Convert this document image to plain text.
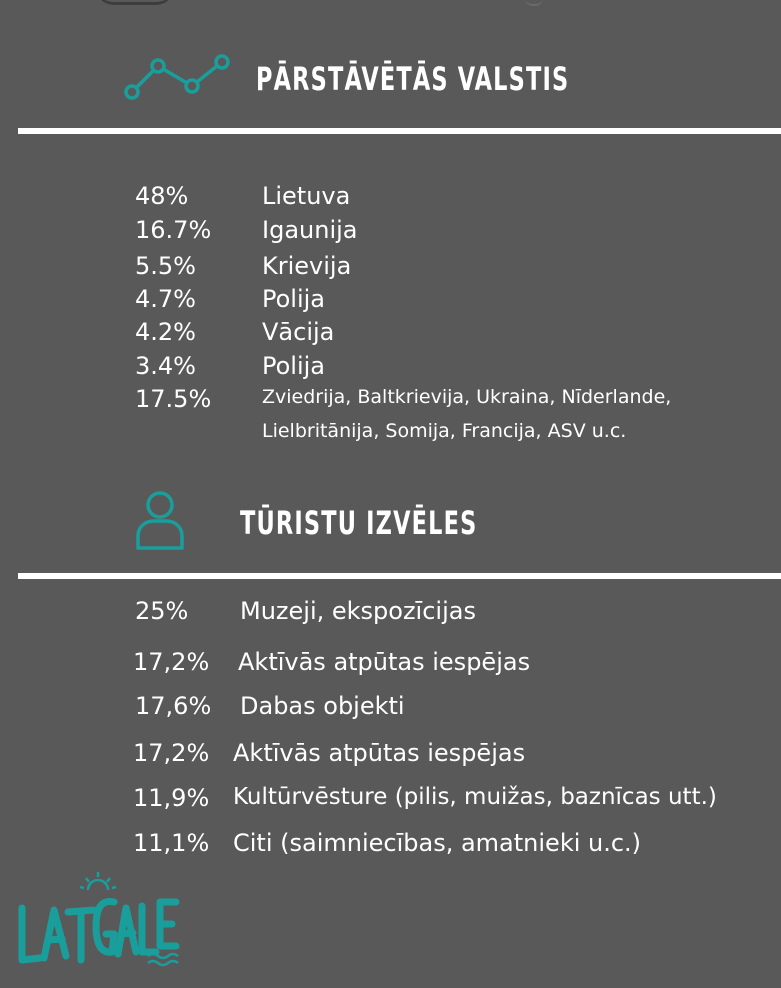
PĀRSTĀVĒTĀS VALSTIS
48%	Lietuva
16.7% Igaunija
5.5%	Krievija
4.7%	Polija
4.2%	Vācija
3.4%	Polija
17.5%	Zviedrija, Baltkrievija, Ukraina, Nīderlande,
Lielbritānija, Somija, Francija, ASV u.c.
TŪRISTU IZVĒLES
25% Muzeji, ekspozīcijas
17,2% Aktīvās atpūtas iespējas
17,6% Dabas objekti
17,2% Aktīvās atpūtas iespējas
11,9% Kultūrvēsture (pilis, muižas, baznīcas utt.)
11,1% Citi (saimniecības, amatnieki u.c.)
